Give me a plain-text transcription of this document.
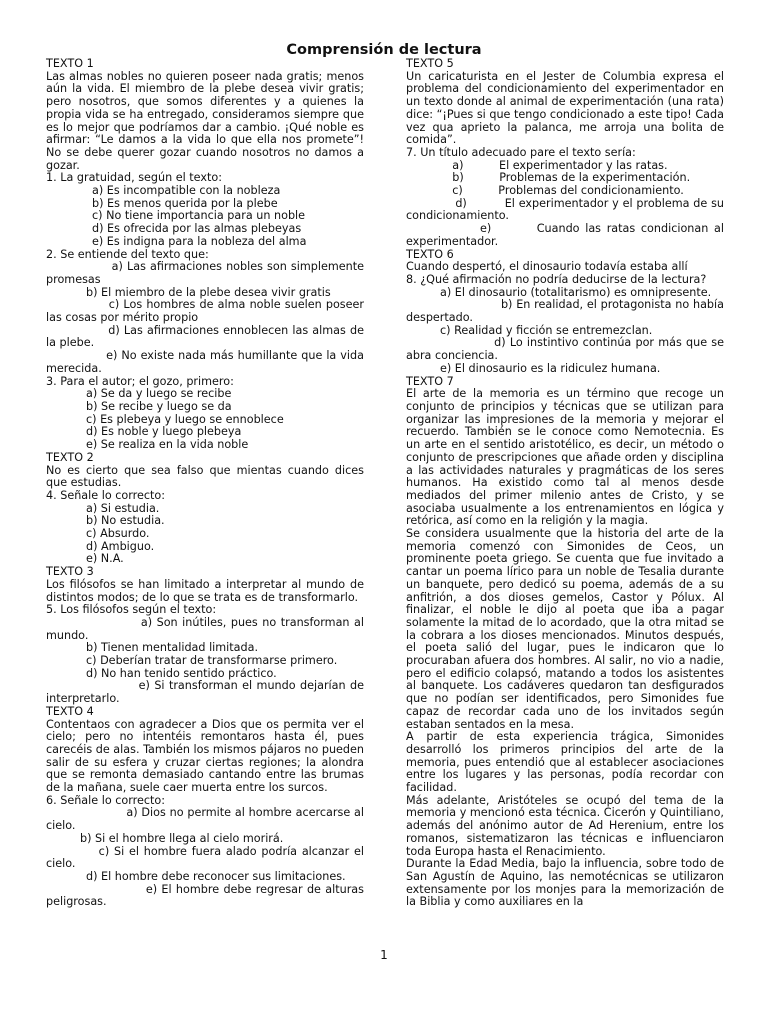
Comprensión de lectura

TEXTO 1

Las almas nobles no quieren poseer nada gratis; menos aún la vida. El miembro de la plebe desea vivir gratis; pero nosotros, que somos diferentes y a quienes la propia vida se ha entregado, consideramos siempre que es lo mejor que podríamos dar a cambio. ¡Qué noble es afirmar: “Le damos a la vida lo que ella nos promete”! No se debe querer gozar cuando nosotros no damos a gozar.

1. La gratuidad, según el texto:

a) Es incompatible con la nobleza

b) Es menos querida por la plebe

c) No tiene importancia para un noble

d) Es ofrecida por las almas plebeyas

e) Es indigna para la nobleza del alma

2. Se entiende del texto que:

a) Las afirmaciones nobles son simplemente promesas

b) El miembro de la plebe desea vivir gratis

c) Los hombres de alma noble suelen poseer las cosas por mérito propio

d) Las afirmaciones ennoblecen las almas de la plebe.

e) No existe nada más humillante que la vida merecida.

3. Para el autor; el gozo, primero:

a) Se da y luego se recibe

b) Se recibe y luego se da

c) Es plebeya y luego se ennoblece

d) Es noble y luego plebeya

e) Se realiza en la vida noble

TEXTO 2

No es cierto que sea falso que mientas cuando dices que estudias.

4. Señale lo correcto:

a) Si estudia.

b) No estudia.

c) Absurdo.

d) Ambiguo.

e) N.A.

TEXTO 3

Los filósofos se han limitado a interpretar al mundo de distintos modos; de lo que se trata es de transformarlo.

5. Los filósofos según el texto:

a) Son inútiles, pues no transforman al mundo.

b) Tienen mentalidad limitada.

c) Deberían tratar de transformarse primero.

d) No han tenido sentido práctico.

e) Si transforman el mundo dejarían de interpretarlo.

TEXTO 4

Contentaos con agradecer a Dios que os permita ver el cielo; pero no intentéis remontaros hasta él, pues carecéis de alas. También los mismos pájaros no pueden salir de su esfera y cruzar ciertas regiones; la alondra que se remonta demasiado cantando entre las brumas de la mañana, suele caer muerta entre los surcos.

6. Señale lo correcto:

a) Dios no permite al hombre acercarse al cielo.

b) Si el hombre llega al cielo morirá.

c) Si el hombre fuera alado podría alcanzar el cielo.

d) El hombre debe reconocer sus limitaciones.

e) El hombre debe regresar de alturas peligrosas.

TEXTO 5

Un caricaturista en el Jester de Columbia expresa el problema del condicionamiento del experimentador en un texto donde al animal de experimentación (una rata) dice: “¡Pues si que tengo condicionado a este tipo! Cada vez qua aprieto la palanca, me arroja una bolita de comida”.

7. Un título adecuado pare el texto sería:

a)          El experimentador y las ratas.

b)          Problemas de la experimentación.

c)          Problemas del condicionamiento.

d)          El experimentador y el problema de su condicionamiento.

e)        Cuando las ratas condicionan al experimentador.

TEXTO 6

Cuando despertó, el dinosaurio todavía estaba allí

8. ¿Qué afirmación no podría deducirse de la lectura?

a) El dinosaurio (totalitarismo) es omnipresente.

b) En realidad, el protagonista no había despertado.

c) Realidad y ficción se entremezclan.

d) Lo instintivo continúa por más que se abra conciencia.

e) El dinosaurio es la ridiculez humana.

TEXTO 7

El arte de la memoria es un término que recoge un conjunto de principios y técnicas que se utilizan para organizar las impresiones de la memoria y mejorar el recuerdo. También se le conoce como Nemotecnia. Es un arte en el sentido aristotélico, es decir, un método o conjunto de prescripciones que añade orden y disciplina a las actividades naturales y pragmáticas de los seres humanos. Ha existido como tal al menos desde mediados del primer milenio antes de Cristo, y se asociaba usualmente a los entrenamientos en lógica y retórica, así como en la religión y la magia.

Se considera usualmente que la historia del arte de la memoria comenzó con Simonides de Ceos, un prominente poeta griego. Se cuenta que fue invitado a cantar un poema lírico para un noble de Tesalia durante un banquete, pero dedicó su poema, además de a su anfitrión, a dos dioses gemelos, Castor y Pólux. Al finalizar, el noble le dijo al poeta que iba a pagar solamente la mitad de lo acordado, que la otra mitad se la cobrara a los dioses mencionados. Minutos después, el poeta salió del lugar, pues le indicaron que lo procuraban afuera dos hombres. Al salir, no vio a nadie, pero el edificio colapsó, matando a todos los asistentes al banquete. Los cadáveres quedaron tan desfigurados que no podían ser identificados, pero Simonides fue capaz de recordar cada uno de los invitados según estaban sentados en la mesa.

A partir de esta experiencia trágica, Simonides desarrolló los primeros principios del arte de la memoria, pues entendió que al establecer asociaciones entre los lugares y las personas, podía recordar con facilidad.

Más adelante, Aristóteles se ocupó del tema de la memoria y mencionó esta técnica. Cicerón y Quintiliano, además del anónimo autor de Ad Herenium, entre los romanos, sistematizaron las técnicas e influenciaron toda Europa hasta el Renacimiento.

Durante la Edad Media, bajo la influencia, sobre todo de San Agustín de Aquino, las nemotécnicas se utilizaron extensamente por los monjes para la memorización de la Biblia y como auxiliares en la

1
